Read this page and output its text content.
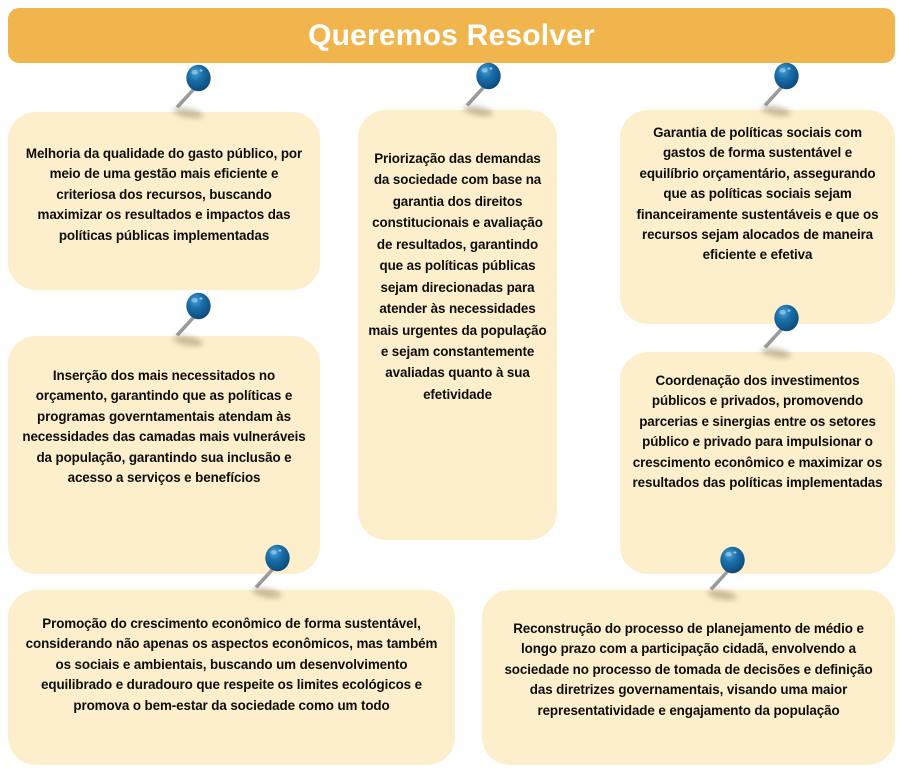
Queremos Resolver
Melhoria da qualidade do gasto público, por meio de uma gestão mais eficiente e criteriosa dos recursos, buscando maximizar os resultados e impactos das políticas públicas implementadas
Inserção dos mais necessitados no orçamento, garantindo que as políticas e programas governtamentais atendam às necessidades das camadas mais vulneráveis da população, garantindo sua inclusão e acesso a serviços e benefícios
Priorização das demandas da sociedade com base na garantia dos direitos constitucionais e avaliação de resultados, garantindo que as políticas públicas sejam direcionadas para atender às necessidades mais urgentes da população e sejam constantemente avaliadas quanto à sua efetividade
Garantia de políticas sociais com gastos de forma sustentável e equilíbrio orçamentário, assegurando que as políticas sociais sejam financeiramente sustentáveis e que os recursos sejam alocados de maneira eficiente e efetiva
Coordenação dos investimentos públicos e privados, promovendo parcerias e sinergias entre os setores público e privado para impulsionar o crescimento econômico e maximizar os resultados das políticas implementadas
Promoção do crescimento econômico de forma sustentável, considerando não apenas os aspectos econômicos, mas também os sociais e ambientais, buscando um desenvolvimento equilibrado e duradouro que respeite os limites ecológicos e promova o bem-estar da sociedade como um todo
Reconstrução do processo de planejamento de médio e longo prazo com a participação cidadã, envolvendo a sociedade no processo de tomada de decisões e definição das diretrizes governamentais, visando uma maior representatividade e engajamento da população
